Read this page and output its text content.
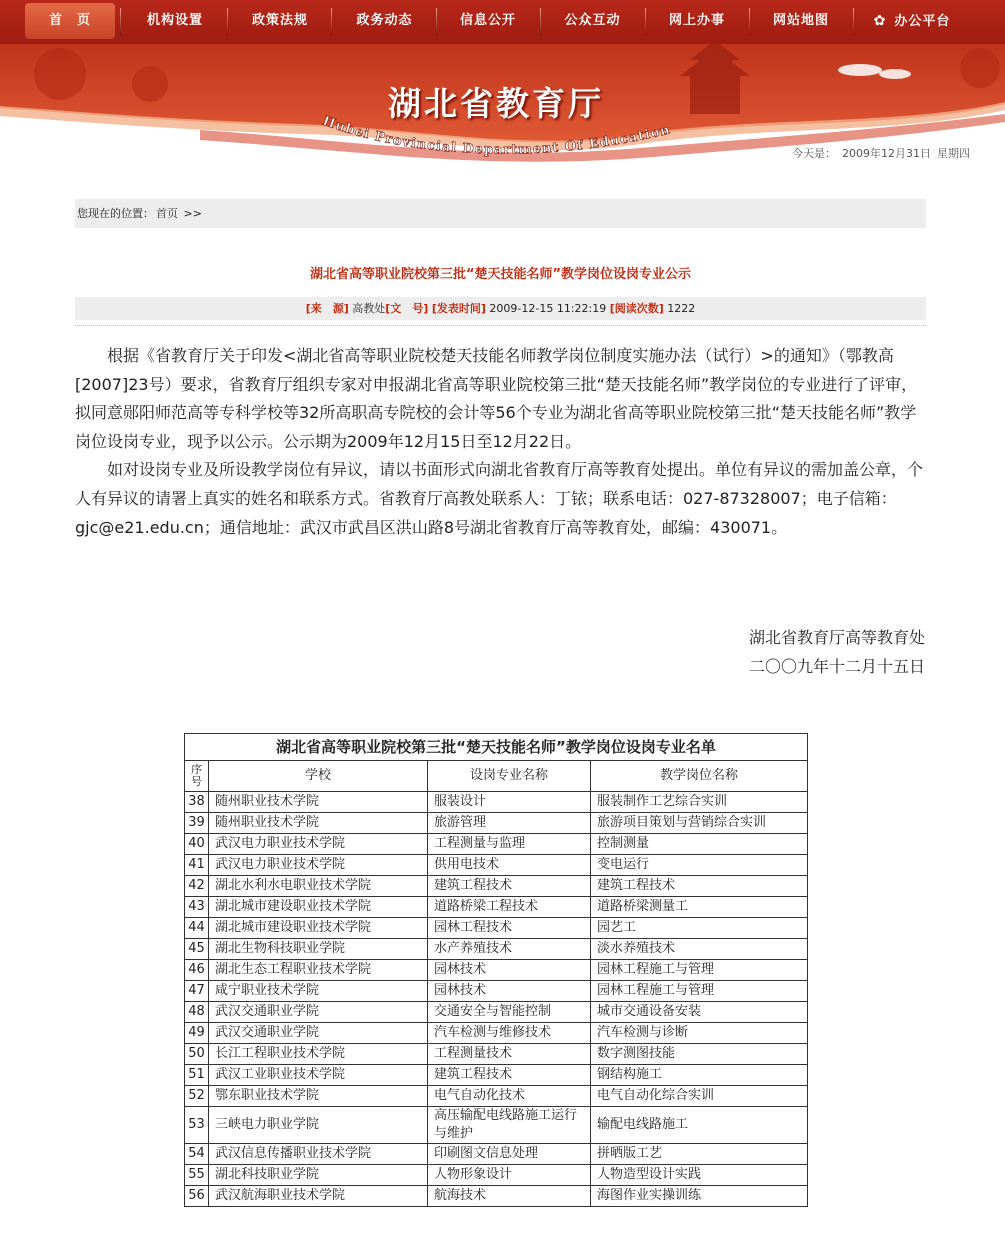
首　页	机构设置	政策法规	政务动态	信息公开	公众互动	网上办事	网站地图	✿ 办公平台
湖北省教育厅
Hubei Provincial Department Of Education
今天是： 2009年12月31日 星期四
您现在的位置： 首页 >>
湖北省高等职业院校第三批“楚天技能名师”教学岗位设岗专业公示
[来　源] 高教处[文　号] [发表时间] 2009-12-15 11:22:19 [阅读次数] 1222

根据《省教育厅关于印发<湖北省高等职业院校楚天技能名师教学岗位制度实施办法（试行）>的通知》（鄂教高[2007]23号）要求，省教育厅组织专家对申报湖北省高等职业院校第三批“楚天技能名师”教学岗位的专业进行了评审，拟同意郧阳师范高等专科学校等32所高职高专院校的会计等56个专业为湖北省高等职业院校第三批“楚天技能名师”教学岗位设岗专业，现予以公示。公示期为2009年12月15日至12月22日。

如对设岗专业及所设教学岗位有异议，请以书面形式向湖北省教育厅高等教育处提出。单位有异议的需加盖公章，个人有异议的请署上真实的姓名和联系方式。省教育厅高教处联系人：丁铱；联系电话：027-87328007；电子信箱：gjc@e21.edu.cn；通信地址：武汉市武昌区洪山路8号湖北省教育厅高等教育处，邮编：430071。

湖北省教育厅高等教育处
二〇〇九年十二月十五日
湖北省高等职业院校第三批“楚天技能名师”教学岗位设岗专业名单			
序号	学校	设岗专业名称	教学岗位名称
38	随州职业技术学院	服装设计	服装制作工艺综合实训
39	随州职业技术学院	旅游管理	旅游项目策划与营销综合实训
40	武汉电力职业技术学院	工程测量与监理	控制测量
41	武汉电力职业技术学院	供用电技术	变电运行
42	湖北水利水电职业技术学院	建筑工程技术	建筑工程技术
43	湖北城市建设职业技术学院	道路桥梁工程技术	道路桥梁测量工
44	湖北城市建设职业技术学院	园林工程技术	园艺工
45	湖北生物科技职业学院	水产养殖技术	淡水养殖技术
46	湖北生态工程职业技术学院	园林技术	园林工程施工与管理
47	咸宁职业技术学院	园林技术	园林工程施工与管理
48	武汉交通职业学院	交通安全与智能控制	城市交通设备安装
49	武汉交通职业学院	汽车检测与维修技术	汽车检测与诊断
50	长江工程职业技术学院	工程测量技术	数字测图技能
51	武汉工业职业技术学院	建筑工程技术	钢结构施工
52	鄂东职业技术学院	电气自动化技术	电气自动化综合实训
53	三峡电力职业学院	高压输配电线路施工运行与维护	输配电线路施工
54	武汉信息传播职业技术学院	印刷图文信息处理	拼晒版工艺
55	湖北科技职业学院	人物形象设计	人物造型设计实践
56	武汉航海职业技术学院	航海技术	海图作业实操训练
